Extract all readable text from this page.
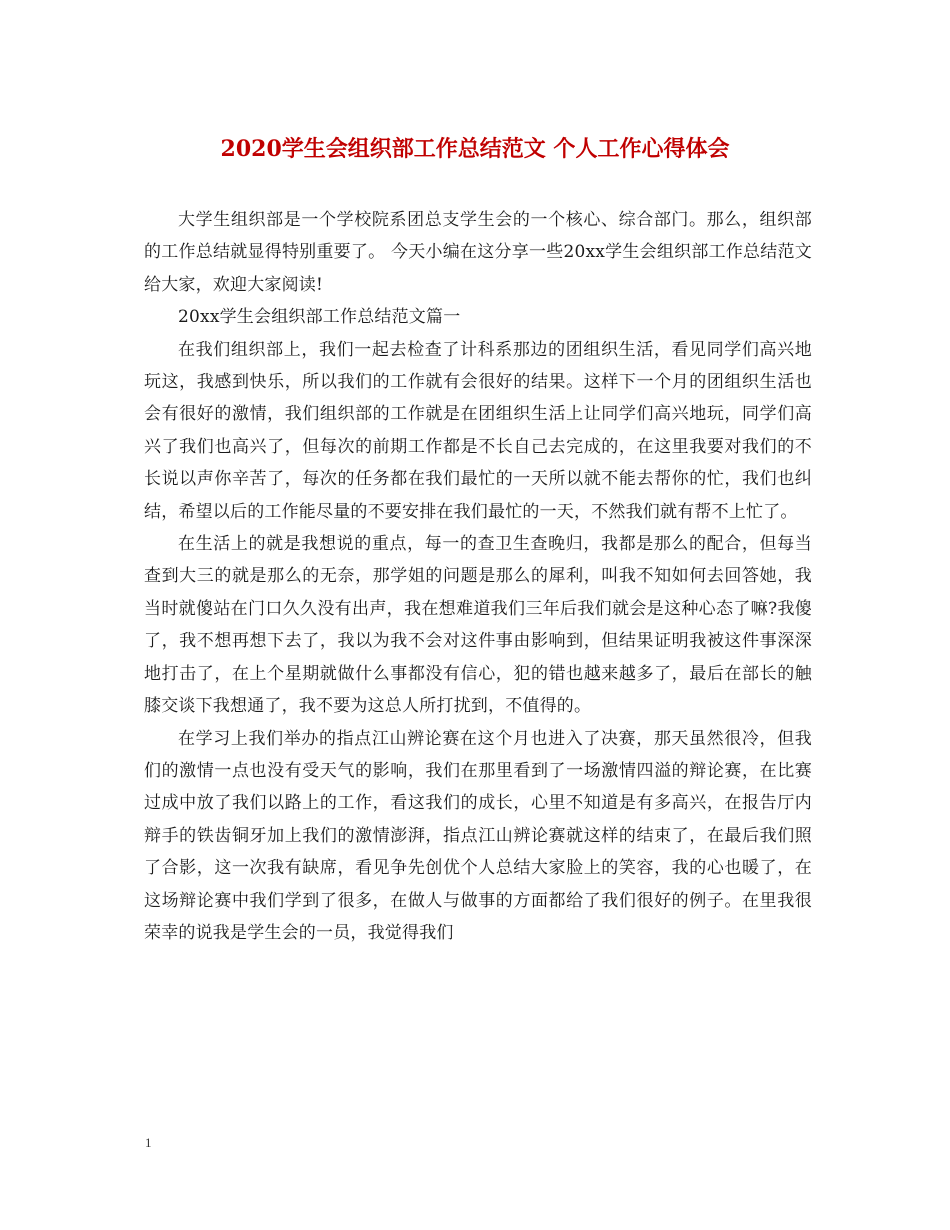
2020学生会组织部工作总结范文 个人工作心得体会

大学生组织部是一个学校院系团总支学生会的一个核心、综合部门。那么，组织部的工作总结就显得特别重要了。 今天小编在这分享一些20xx学生会组织部工作总结范文给大家，欢迎大家阅读!

20xx学生会组织部工作总结范文篇一

在我们组织部上，我们一起去检查了计科系那边的团组织生活，看见同学们高兴地玩这，我感到快乐，所以我们的工作就有会很好的结果。这样下一个月的团组织生活也会有很好的激情，我们组织部的工作就是在团组织生活上让同学们高兴地玩，同学们高兴了我们也高兴了，但每次的前期工作都是不长自己去完成的，在这里我要对我们的不长说以声你辛苦了，每次的任务都在我们最忙的一天所以就不能去帮你的忙，我们也纠结，希望以后的工作能尽量的不要安排在我们最忙的一天，不然我们就有帮不上忙了。

在生活上的就是我想说的重点，每一的查卫生查晚归，我都是那么的配合，但每当查到大三的就是那么的无奈，那学姐的问题是那么的犀利，叫我不知如何去回答她，我当时就傻站在门口久久没有出声，我在想难道我们三年后我们就会是这种心态了嘛?我傻了，我不想再想下去了，我以为我不会对这件事由影响到，但结果证明我被这件事深深地打击了，在上个星期就做什么事都没有信心，犯的错也越来越多了，最后在部长的触膝交谈下我想通了，我不要为这总人所打扰到，不值得的。

在学习上我们举办的指点江山辨论赛在这个月也进入了决赛，那天虽然很冷，但我们的激情一点也没有受天气的影响，我们在那里看到了一场激情四溢的辩论赛，在比赛过成中放了我们以路上的工作，看这我们的成长，心里不知道是有多高兴，在报告厅内辩手的铁齿铜牙加上我们的激情澎湃，指点江山辨论赛就这样的结束了，在最后我们照了合影，这一次我有缺席，看见争先创优个人总结大家脸上的笑容，我的心也暖了，在这场辩论赛中我们学到了很多，在做人与做事的方面都给了我们很好的例子。在里我很荣幸的说我是学生会的一员，我觉得我们

1
